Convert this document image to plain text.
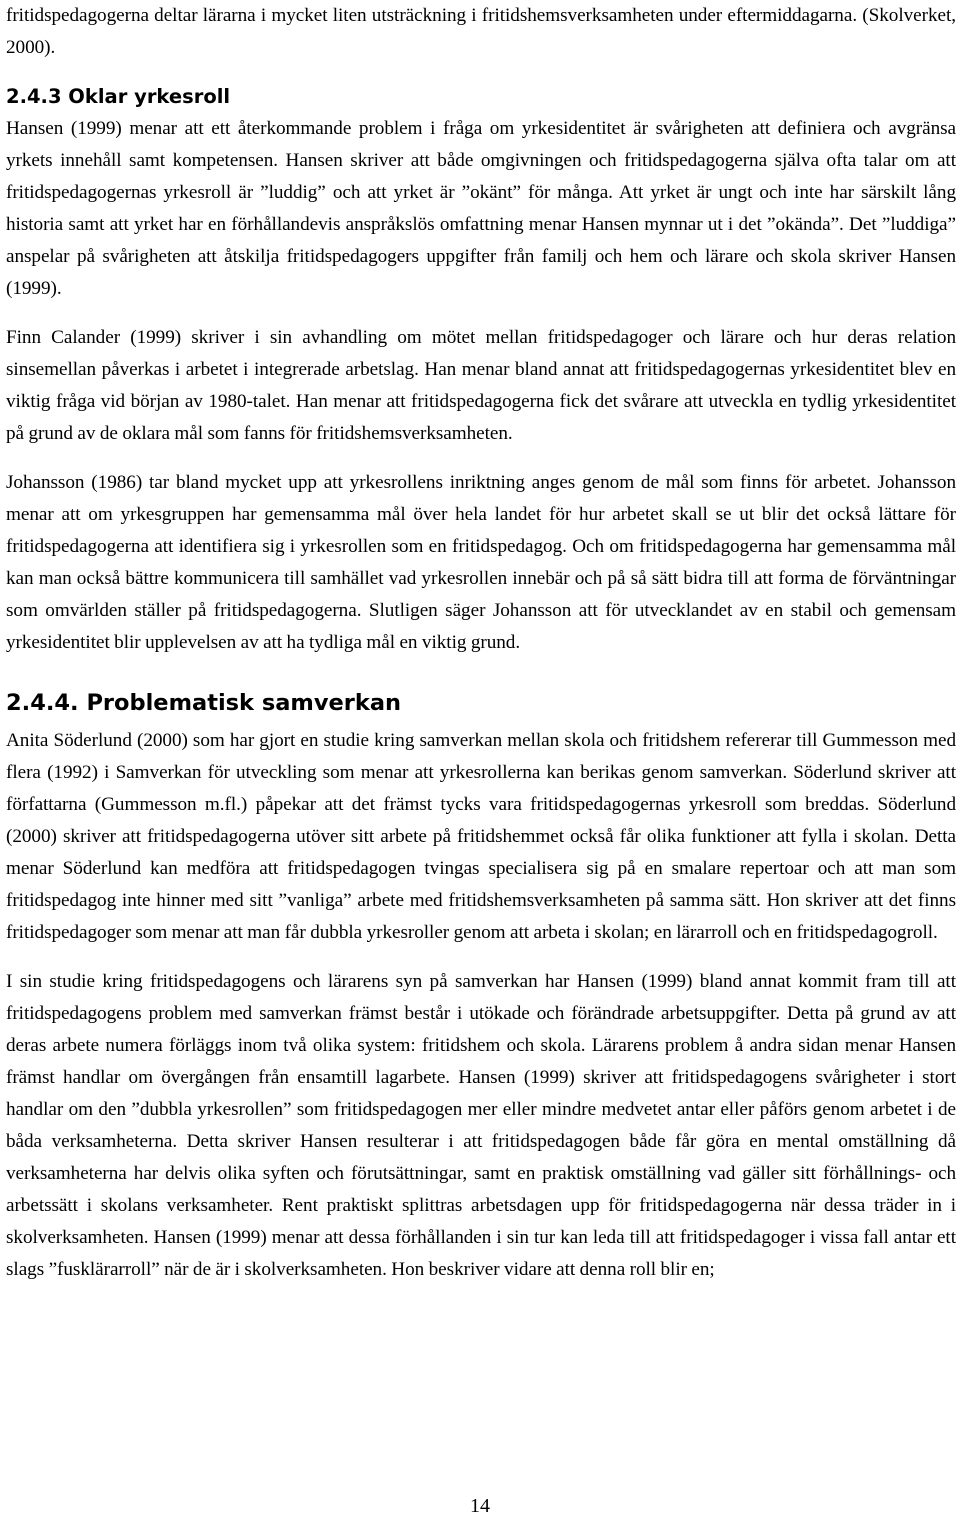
fritidspedagogerna deltar lärarna i mycket liten utsträckning i fritidshemsverksamheten under eftermiddagarna. (Skolverket, 2000).

2.4.3 Oklar yrkesroll

Hansen (1999) menar att ett återkommande problem i fråga om yrkesidentitet är svårigheten att definiera och avgränsa yrkets innehåll samt kompetensen. Hansen skriver att både omgivningen och fritidspedagogerna själva ofta talar om att fritidspedagogernas yrkesroll är ”luddig” och att yrket är ”okänt” för många. Att yrket är ungt och inte har särskilt lång historia samt att yrket har en förhållandevis anspråkslös omfattning menar Hansen mynnar ut i det ”okända”. Det ”luddiga” anspelar på svårigheten att åtskilja fritidspedagogers uppgifter från familj och hem och lärare och skola skriver Hansen (1999).

Finn Calander (1999) skriver i sin avhandling om mötet mellan fritidspedagoger och lärare och hur deras relation sinsemellan påverkas i arbetet i integrerade arbetslag. Han menar bland annat att fritidspedagogernas yrkesidentitet blev en viktig fråga vid början av 1980-talet. Han menar att fritidspedagogerna fick det svårare att utveckla en tydlig yrkesidentitet på grund av de oklara mål som fanns för fritidshemsverksamheten.

Johansson (1986) tar bland mycket upp att yrkesrollens inriktning anges genom de mål som finns för arbetet. Johansson menar att om yrkesgruppen har gemensamma mål över hela landet för hur arbetet skall se ut blir det också lättare för fritidspedagogerna att identifiera sig i yrkesrollen som en fritidspedagog. Och om fritidspedagogerna har gemensamma mål kan man också bättre kommunicera till samhället vad yrkesrollen innebär och på så sätt bidra till att forma de förväntningar som omvärlden ställer på fritidspedagogerna. Slutligen säger Johansson att för utvecklandet av en stabil och gemensam yrkesidentitet blir upplevelsen av att ha tydliga mål en viktig grund.

2.4.4. Problematisk samverkan

Anita Söderlund (2000) som har gjort en studie kring samverkan mellan skola och fritidshem refererar till Gummesson med flera (1992) i Samverkan för utveckling som menar att yrkesrollerna kan berikas genom samverkan. Söderlund skriver att författarna (Gummesson m.fl.) påpekar att det främst tycks vara fritidspedagogernas yrkesroll som breddas. Söderlund (2000) skriver att fritidspedagogerna utöver sitt arbete på fritidshemmet också får olika funktioner att fylla i skolan. Detta menar Söderlund kan medföra att fritidspedagogen tvingas specialisera sig på en smalare repertoar och att man som fritidspedagog inte hinner med sitt ”vanliga” arbete med fritidshemsverksamheten på samma sätt. Hon skriver att det finns fritidspedagoger som menar att man får dubbla yrkesroller genom att arbeta i skolan; en lärarroll och en fritidspedagogroll.

I sin studie kring fritidspedagogens och lärarens syn på samverkan har Hansen (1999) bland annat kommit fram till att fritidspedagogens problem med samverkan främst består i utökade och förändrade arbetsuppgifter. Detta på grund av att deras arbete numera förläggs inom två olika system: fritidshem och skola. Lärarens problem å andra sidan menar Hansen främst handlar om övergången från ensamtill lagarbete. Hansen (1999) skriver att fritidspedagogens svårigheter i stort handlar om den ”dubbla yrkesrollen” som fritidspedagogen mer eller mindre medvetet antar eller påförs genom arbetet i de båda verksamheterna. Detta skriver Hansen resulterar i att fritidspedagogen både får göra en mental omställning då verksamheterna har delvis olika syften och förutsättningar, samt en praktisk omställning vad gäller sitt förhållnings- och arbetssätt i skolans verksamheter. Rent praktiskt splittras arbetsdagen upp för fritidspedagogerna när dessa träder in i skolverksamheten. Hansen (1999) menar att dessa förhållanden i sin tur kan leda till att fritidspedagoger i vissa fall antar ett slags ”fusklärarroll” när de är i skolverksamheten. Hon beskriver vidare att denna roll blir en;

14
